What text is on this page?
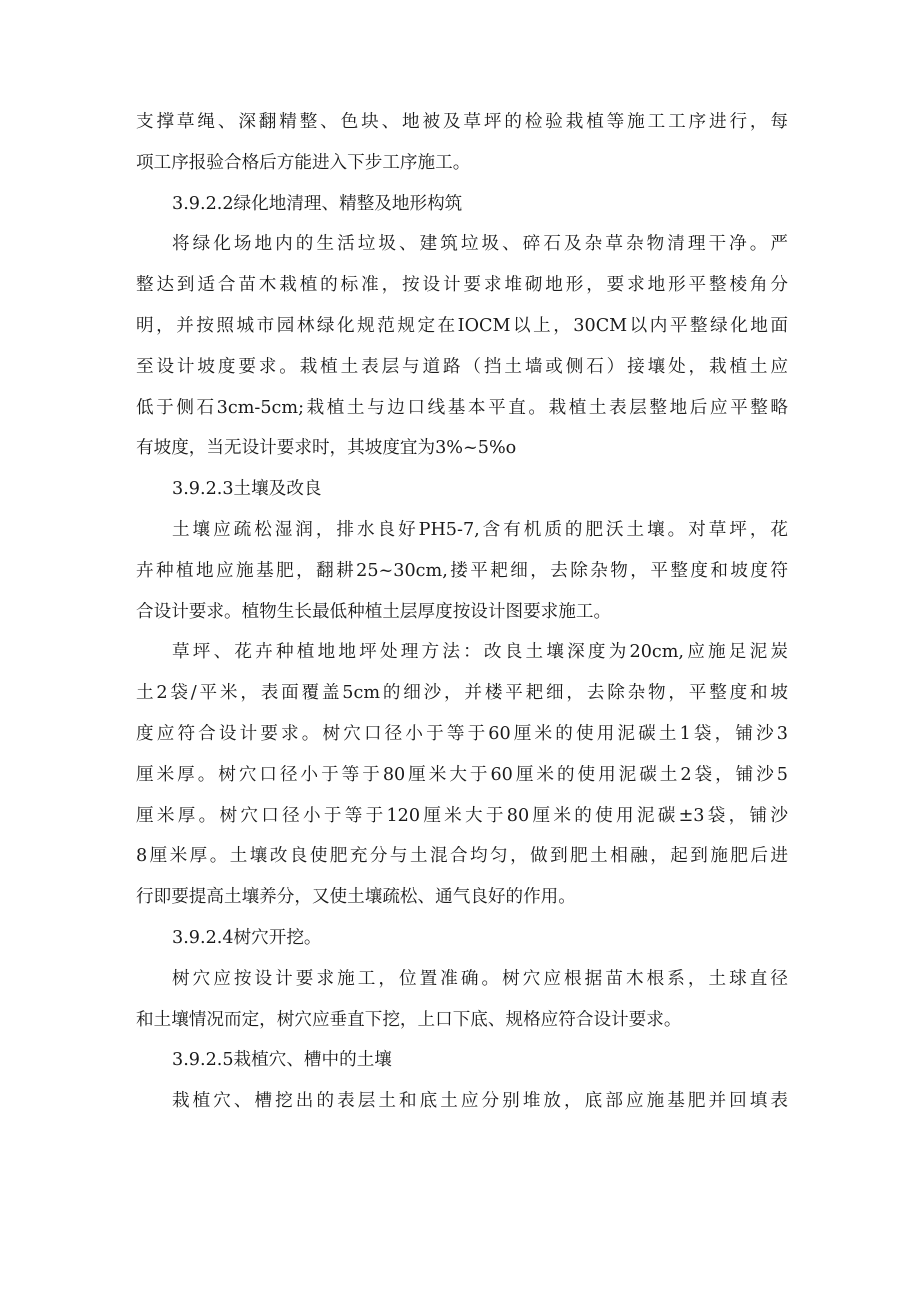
支撑草绳、深翻精整、色块、地被及草坪的检验栽植等施工工序进行，每
项工序报验合格后方能进入下步工序施工。
3.9.2.2绿化地清理、精整及地形构筑
将绿化场地内的生活垃圾、建筑垃圾、碎石及杂草杂物清理干净。严
整达到适合苗木栽植的标准，按设计要求堆砌地形，要求地形平整棱角分
明，并按照城市园林绿化规范规定在IOCM以上，30CM以内平整绿化地面
至设计坡度要求。栽植土表层与道路（挡土墙或侧石）接壤处，栽植土应
低于侧石3cm-5cm;栽植土与边口线基本平直。栽植土表层整地后应平整略
有坡度，当无设计要求时，其坡度宜为3%~5%o
3.9.2.3土壤及改良
土壤应疏松湿润，排水良好PH5-7,含有机质的肥沃土壤。对草坪，花
卉种植地应施基肥，翻耕25~30cm,搂平耙细，去除杂物，平整度和坡度符
合设计要求。植物生长最低种植土层厚度按设计图要求施工。
草坪、花卉种植地地坪处理方法：改良土壤深度为20cm,应施足泥炭
土2袋/平米，表面覆盖5cm的细沙，并楼平耙细，去除杂物，平整度和坡
度应符合设计要求。树穴口径小于等于60厘米的使用泥碳土1袋，铺沙3
厘米厚。树穴口径小于等于80厘米大于60厘米的使用泥碳土2袋，铺沙5
厘米厚。树穴口径小于等于120厘米大于80厘米的使用泥碳±3袋，铺沙
8厘米厚。土壤改良使肥充分与土混合均匀，做到肥土相融，起到施肥后进
行即要提高土壤养分，又使土壤疏松、通气良好的作用。
3.9.2.4树穴开挖。
树穴应按设计要求施工，位置准确。树穴应根据苗木根系，土球直径
和土壤情况而定，树穴应垂直下挖，上口下底、规格应符合设计要求。
3.9.2.5栽植穴、槽中的土壤
栽植穴、槽挖出的表层土和底土应分别堆放，底部应施基肥并回填表
